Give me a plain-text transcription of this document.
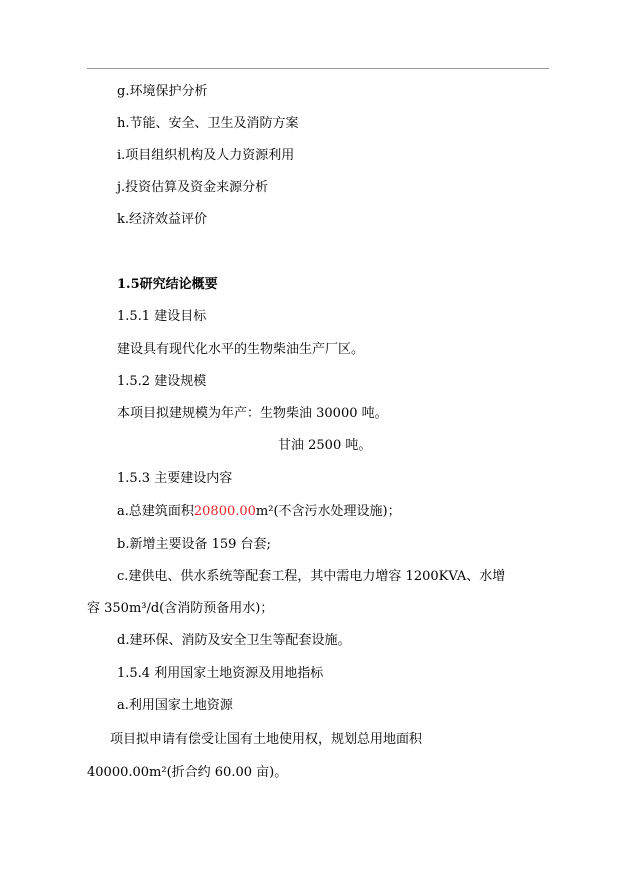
g.环境保护分析
h.节能、安全、卫生及消防方案
i.项目组织机构及人力资源利用
j.投资估算及资金来源分析
k.经济效益评价
1.5研究结论概要
1.5.1 建设目标
建设具有现代化水平的生物柴油生产厂区。
1.5.2 建设规模
本项目拟建规模为年产：生物柴油 30000 吨。
甘油 2500 吨。
1.5.3 主要建设内容
a.总建筑面积20800.00m²(不含污水处理设施)；
b.新增主要设备 159 台套;
c.建供电、供水系统等配套工程，其中需电力增容 1200KVA、水增
容 350m³/d(含消防预备用水)；
d.建环保、消防及安全卫生等配套设施。
1.5.4 利用国家土地资源及用地指标
a.利用国家土地资源
项目拟申请有偿受让国有土地使用权，规划总用地面积
40000.00m²(折合约 60.00 亩)。
